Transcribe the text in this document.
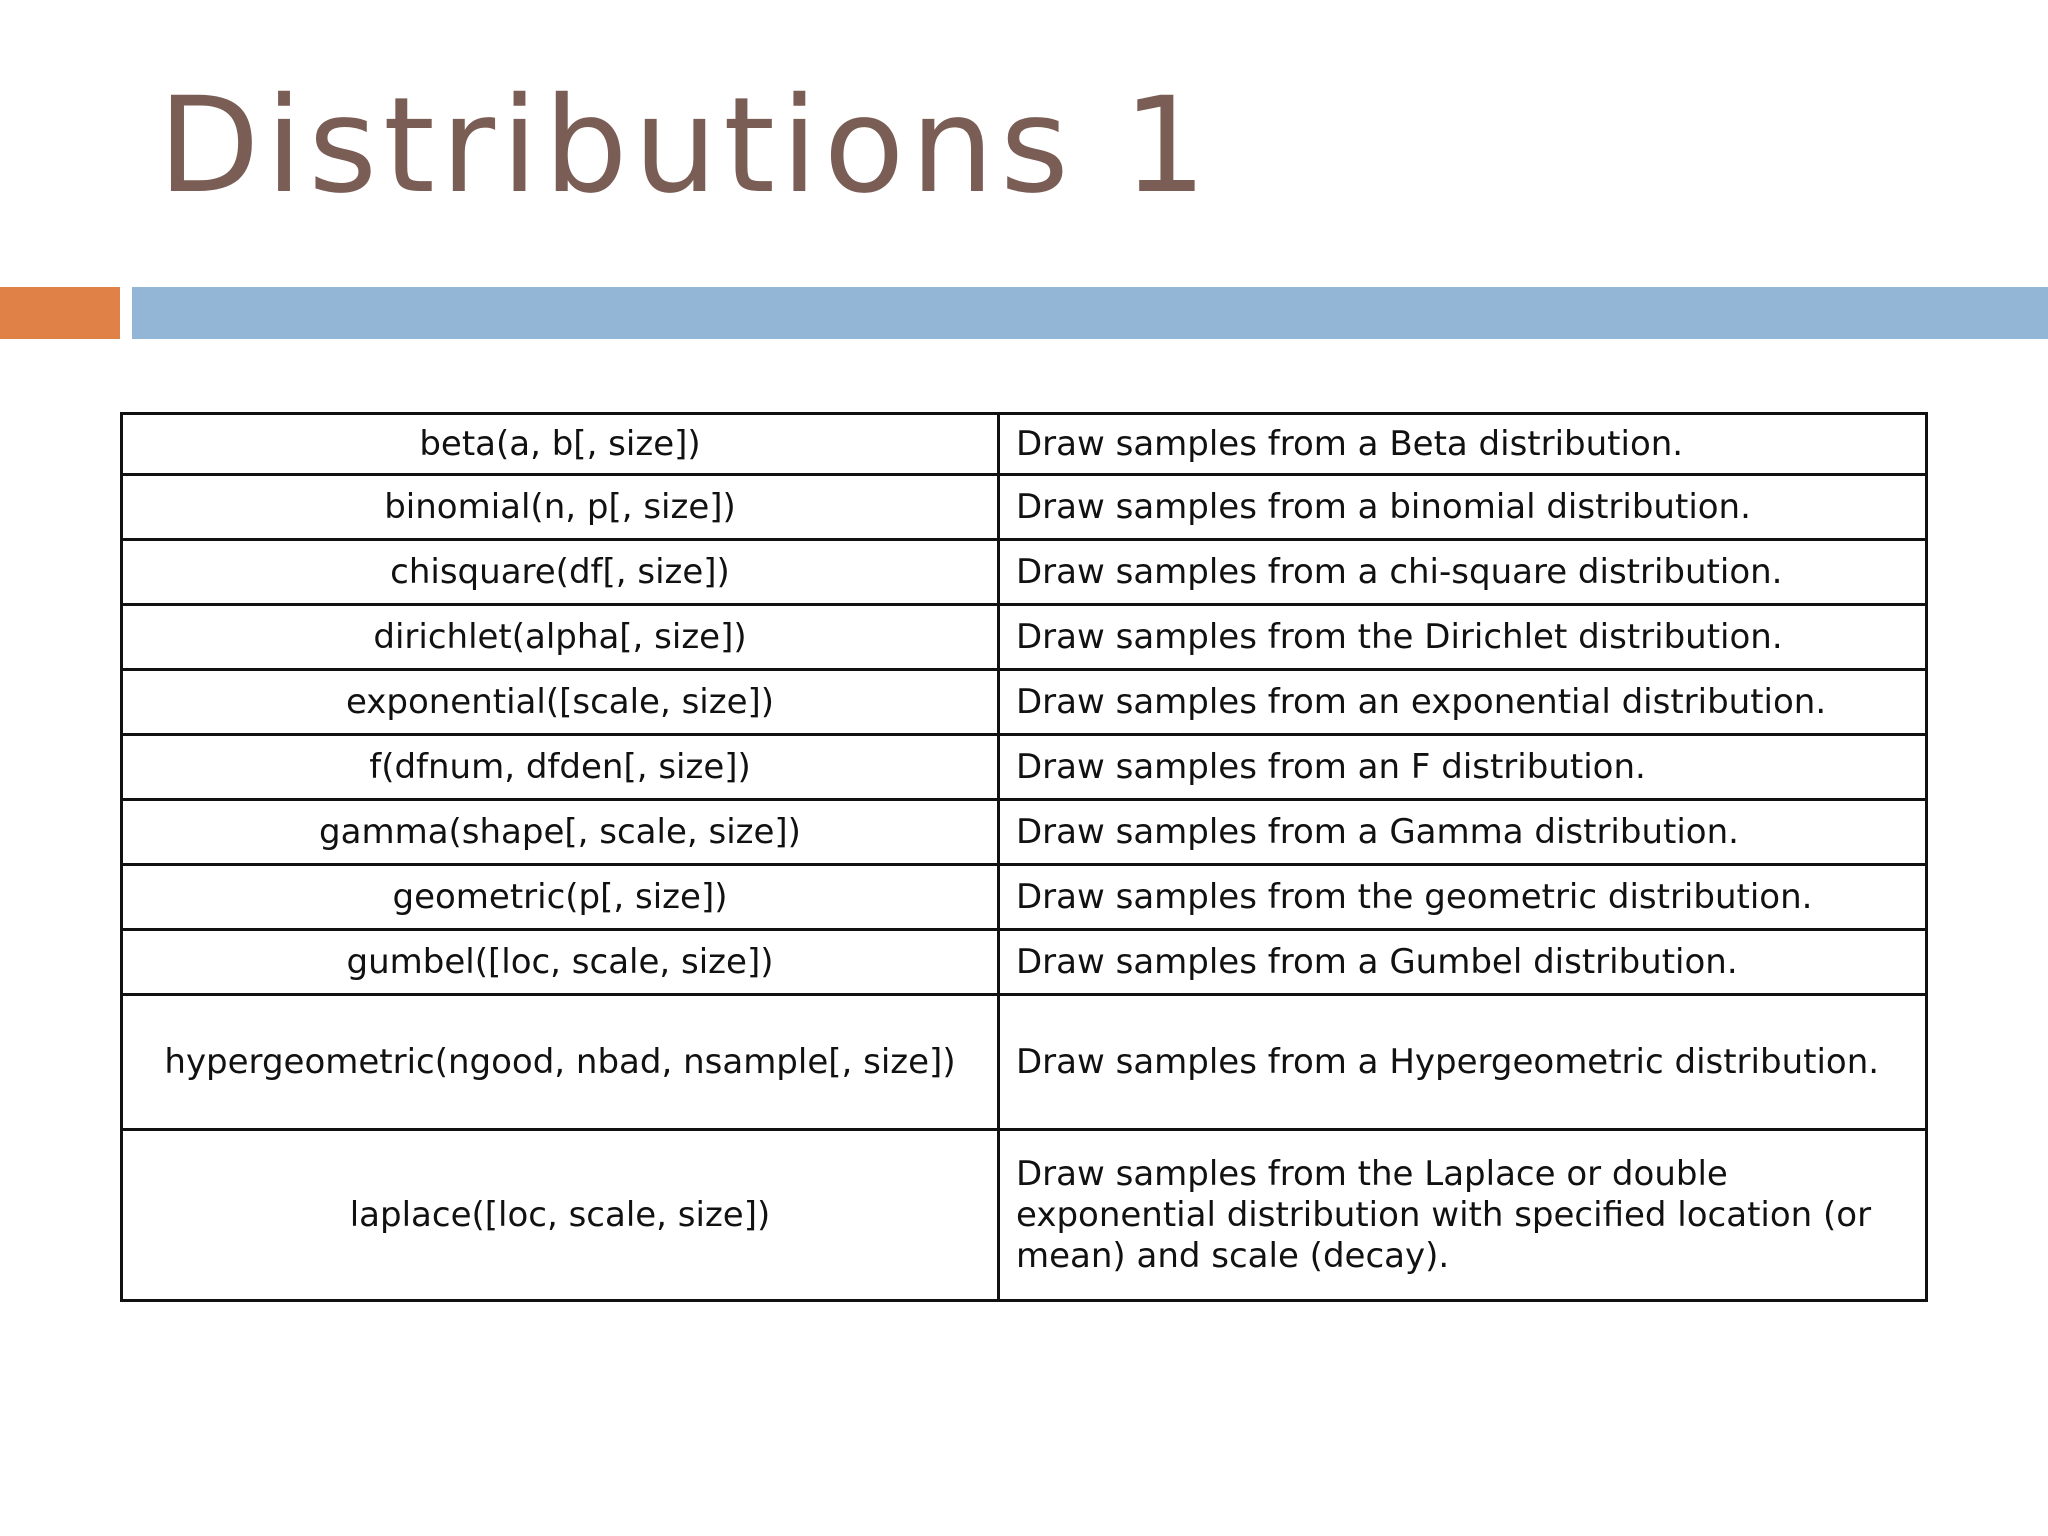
Distributions 1
beta(a, b[, size])	Draw samples from a Beta distribution.
binomial(n, p[, size])	Draw samples from a binomial distribution.
chisquare(df[, size])	Draw samples from a chi-square distribution.
dirichlet(alpha[, size])	Draw samples from the Dirichlet distribution.
exponential([scale, size])	Draw samples from an exponential distribution.
f(dfnum, dfden[, size])	Draw samples from an F distribution.
gamma(shape[, scale, size])	Draw samples from a Gamma distribution.
geometric(p[, size])	Draw samples from the geometric distribution.
gumbel([loc, scale, size])	Draw samples from a Gumbel distribution.
hypergeometric(ngood, nbad, nsample[, size])	Draw samples from a Hypergeometric distribution.
laplace([loc, scale, size])	Draw samples from the Laplace or double exponential distribution with specified location (or mean) and scale (decay).
